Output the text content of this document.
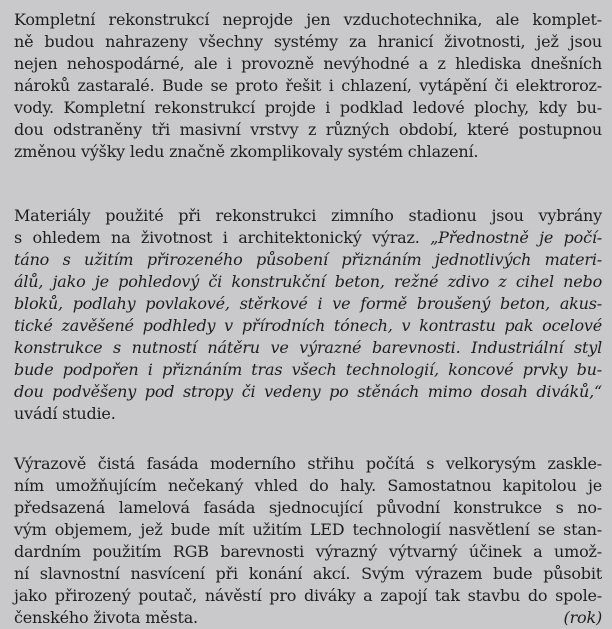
Kompletní rekonstrukcí neprojde jen vzduchotechnika, ale komplet-
ně budou nahrazeny všechny systémy za hranicí životnosti, jež jsou
nejen nehospodárné, ale i provozně nevýhodné a z hlediska dnešních
nároků zastaralé. Bude se proto řešit i chlazení, vytápění či elektroroz-
vody. Kompletní rekonstrukcí projde i podklad ledové plochy, kdy bu-
dou odstraněny tři masivní vrstvy z různých období, které postupnou
změnou výšky ledu značně zkomplikovaly systém chlazení.
Materiály použité při rekonstrukci zimního stadionu jsou vybrány
s ohledem na životnost i architektonický výraz. „Přednostně je počí-
táno s užitím přirozeného působení přiznáním jednotlivých materi-
álů, jako je pohledový či konstrukční beton, režné zdivo z cihel nebo
bloků, podlahy povlakové, stěrkové i ve formě broušený beton, akus-
tické zavěšené podhledy v přírodních tónech, v kontrastu pak ocelové
konstrukce s nutností nátěru ve výrazné barevnosti. Industriální styl
bude podpořen i přiznáním tras všech technologií, koncové prvky bu-
dou podvěšeny pod stropy či vedeny po stěnách mimo dosah diváků,“
uvádí studie.
Výrazově čistá fasáda moderního střihu počítá s velkorysým zaskle-
ním umožňujícím nečekaný vhled do haly. Samostatnou kapitolou je
předsazená lamelová fasáda sjednocující původní konstrukce s no-
vým objemem, jež bude mít užitím LED technologií nasvětlení se stan-
dardním použitím RGB barevnosti výrazný výtvarný účinek a umož-
ní slavnostní nasvícení při konání akcí. Svým výrazem bude působit
jako přirozený poutač, návěstí pro diváky a zapojí tak stavbu do spole-
čenského života města.	(rok)
